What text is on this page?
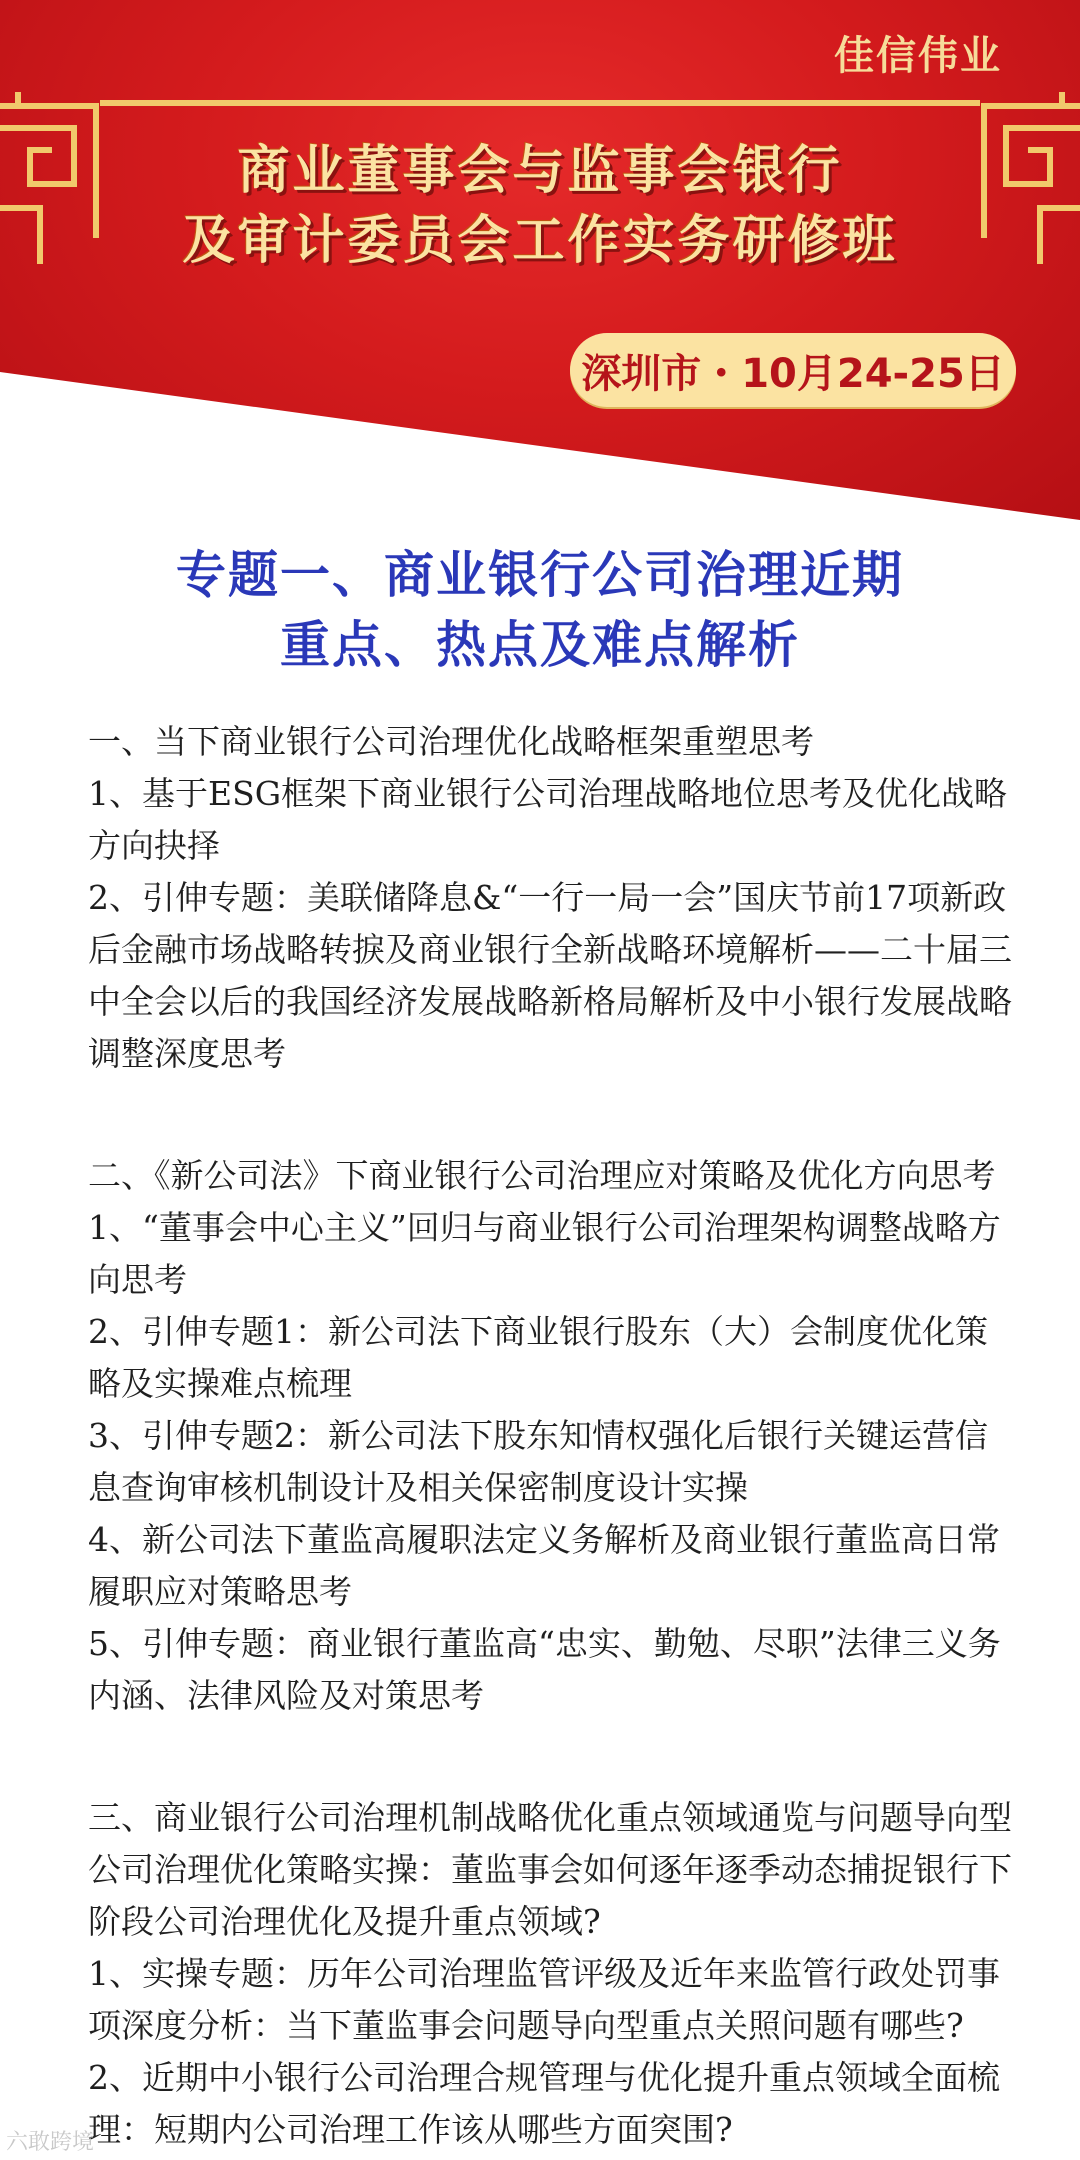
佳信伟业
商业董事会与监事会银行
及审计委员会工作实务研修班
深圳市・10月24-25日
专题一、商业银行公司治理近期
重点、热点及难点解析

一、当下商业银行公司治理优化战略框架重塑思考

1、基于ESG框架下商业银行公司治理战略地位思考及优化战略方向抉择

2、引伸专题：美联储降息&“一行一局一会”国庆节前17项新政后金融市场战略转捩及商业银行全新战略环境解析——二十届三中全会以后的我国经济发展战略新格局解析及中小银行发展战略调整深度思考

二、《新公司法》下商业银行公司治理应对策略及优化方向思考

1、“董事会中心主义”回归与商业银行公司治理架构调整战略方向思考

2、引伸专题1：新公司法下商业银行股东（大）会制度优化策略及实操难点梳理

3、引伸专题2：新公司法下股东知情权强化后银行关键运营信息查询审核机制设计及相关保密制度设计实操

4、新公司法下董监高履职法定义务解析及商业银行董监高日常履职应对策略思考

5、引伸专题：商业银行董监高“忠实、勤勉、尽职”法律三义务内涵、法律风险及对策思考

三、商业银行公司治理机制战略优化重点领域通览与问题导向型公司治理优化策略实操：董监事会如何逐年逐季动态捕捉银行下阶段公司治理优化及提升重点领域?

1、实操专题：历年公司治理监管评级及近年来监管行政处罚事项深度分析：当下董监事会问题导向型重点关照问题有哪些?

2、近期中小银行公司治理合规管理与优化提升重点领域全面梳理：短期内公司治理工作该从哪些方面突围?

六敢跨境
